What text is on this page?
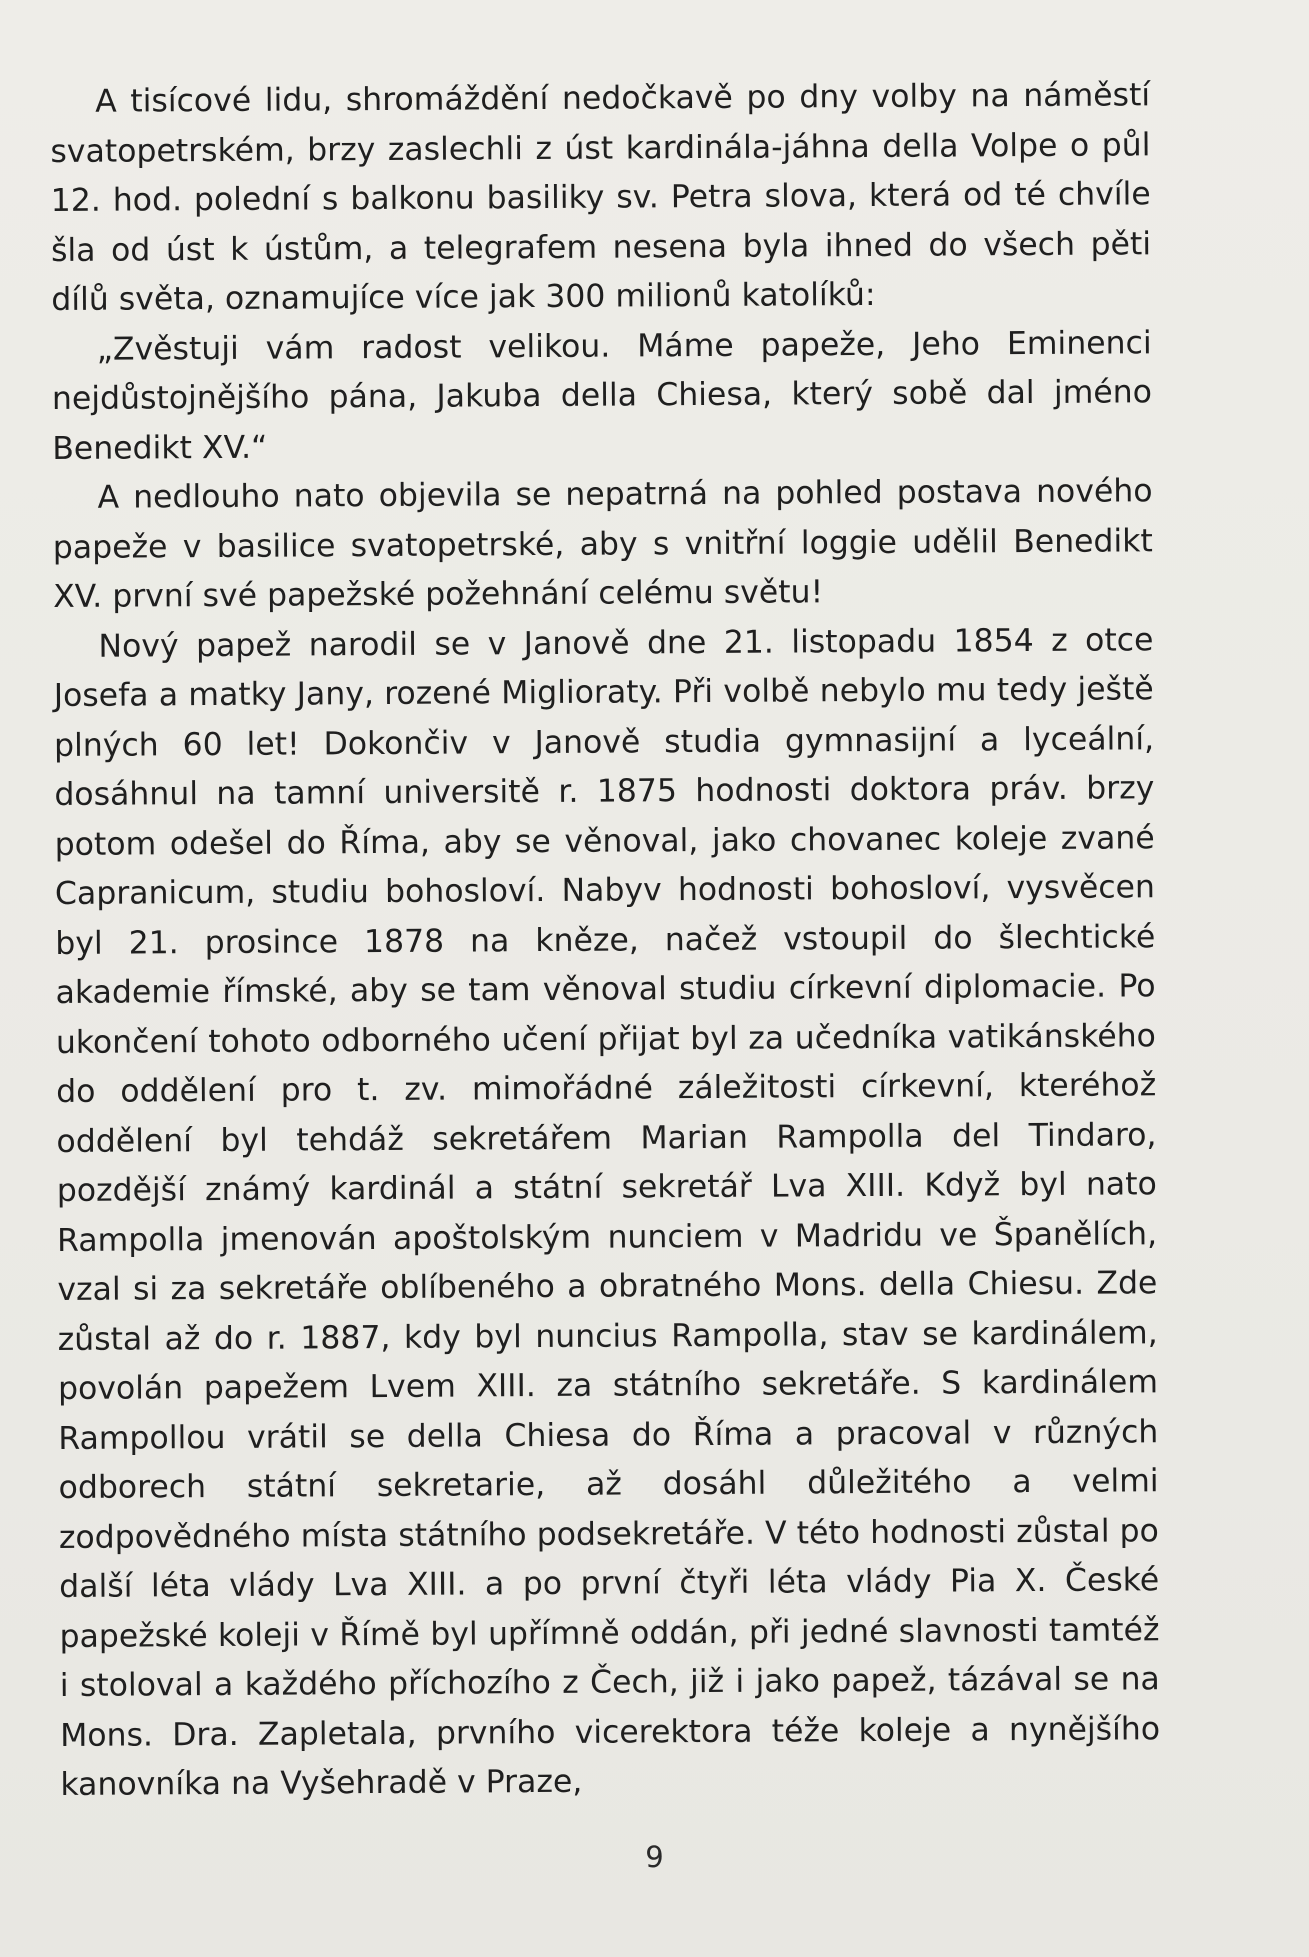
A tisícové lidu, shromáždění nedočkavě po dny volby na náměstí svatopetrském, brzy zaslechli z úst kardinála-jáhna della Volpe o půl 12. hod. polední s balkonu basiliky sv. Petra slova, která od té chvíle šla od úst k ústům, a telegrafem nesena byla ihned do všech pěti dílů světa, oznamujíce více jak 300 milionů katolíků:

„Zvěstuji vám radost velikou. Máme papeže, Jeho Eminenci nejdůstojnějšího pána, Jakuba della Chiesa, který sobě dal jméno Benedikt XV.“

A nedlouho nato objevila se nepatrná na pohled postava nového papeže v basilice svatopetrské, aby s vnitřní loggie udělil Benedikt XV. první své papežské požehnání celému světu!

Nový papež narodil se v Janově dne 21. listopadu 1854 z otce Josefa a matky Jany, rozené Miglioraty. Při volbě nebylo mu tedy ještě plných 60 let! Dokončiv v Janově studia gymnasijní a lyceální, dosáhnul na tamní universitě r. 1875 hodnosti doktora práv. brzy potom odešel do Říma, aby se věnoval, jako chovanec koleje zvané Capranicum, studiu bohosloví. Nabyv hodnosti bohosloví, vysvěcen byl 21. prosince 1878 na kněze, načež vstoupil do šlechtické akademie římské, aby se tam věnoval studiu církevní diplomacie. Po ukončení tohoto odborného učení přijat byl za učedníka vatikánského do oddělení pro t. zv. mimořádné záležitosti církevní, kteréhož oddělení byl tehdáž sekretářem Marian Rampolla del Tindaro, pozdější známý kardinál a státní sekretář Lva XIII. Když byl nato Rampolla jmenován apoštolským nunciem v Madridu ve Španělích, vzal si za sekretáře oblíbeného a obratného Mons. della Chiesu. Zde zůstal až do r. 1887, kdy byl nuncius Rampolla, stav se kardinálem, povolán papežem Lvem XIII. za státního sekretáře. S kardinálem Rampollou vrátil se della Chiesa do Říma a pracoval v různých odborech státní sekretarie, až dosáhl důležitého a velmi zodpovědného místa státního podsekretáře. V této hodnosti zůstal po další léta vlády Lva XIII. a po první čtyři léta vlády Pia X. České papežské koleji v Římě byl upřímně oddán, při jedné slavnosti tamtéž i stoloval a každého příchozího z Čech, již i jako papež, tázával se na Mons. Dra. Zapletala, prvního vicerektora téže koleje a nynějšího kanovníka na Vyšehradě v Praze,

9
